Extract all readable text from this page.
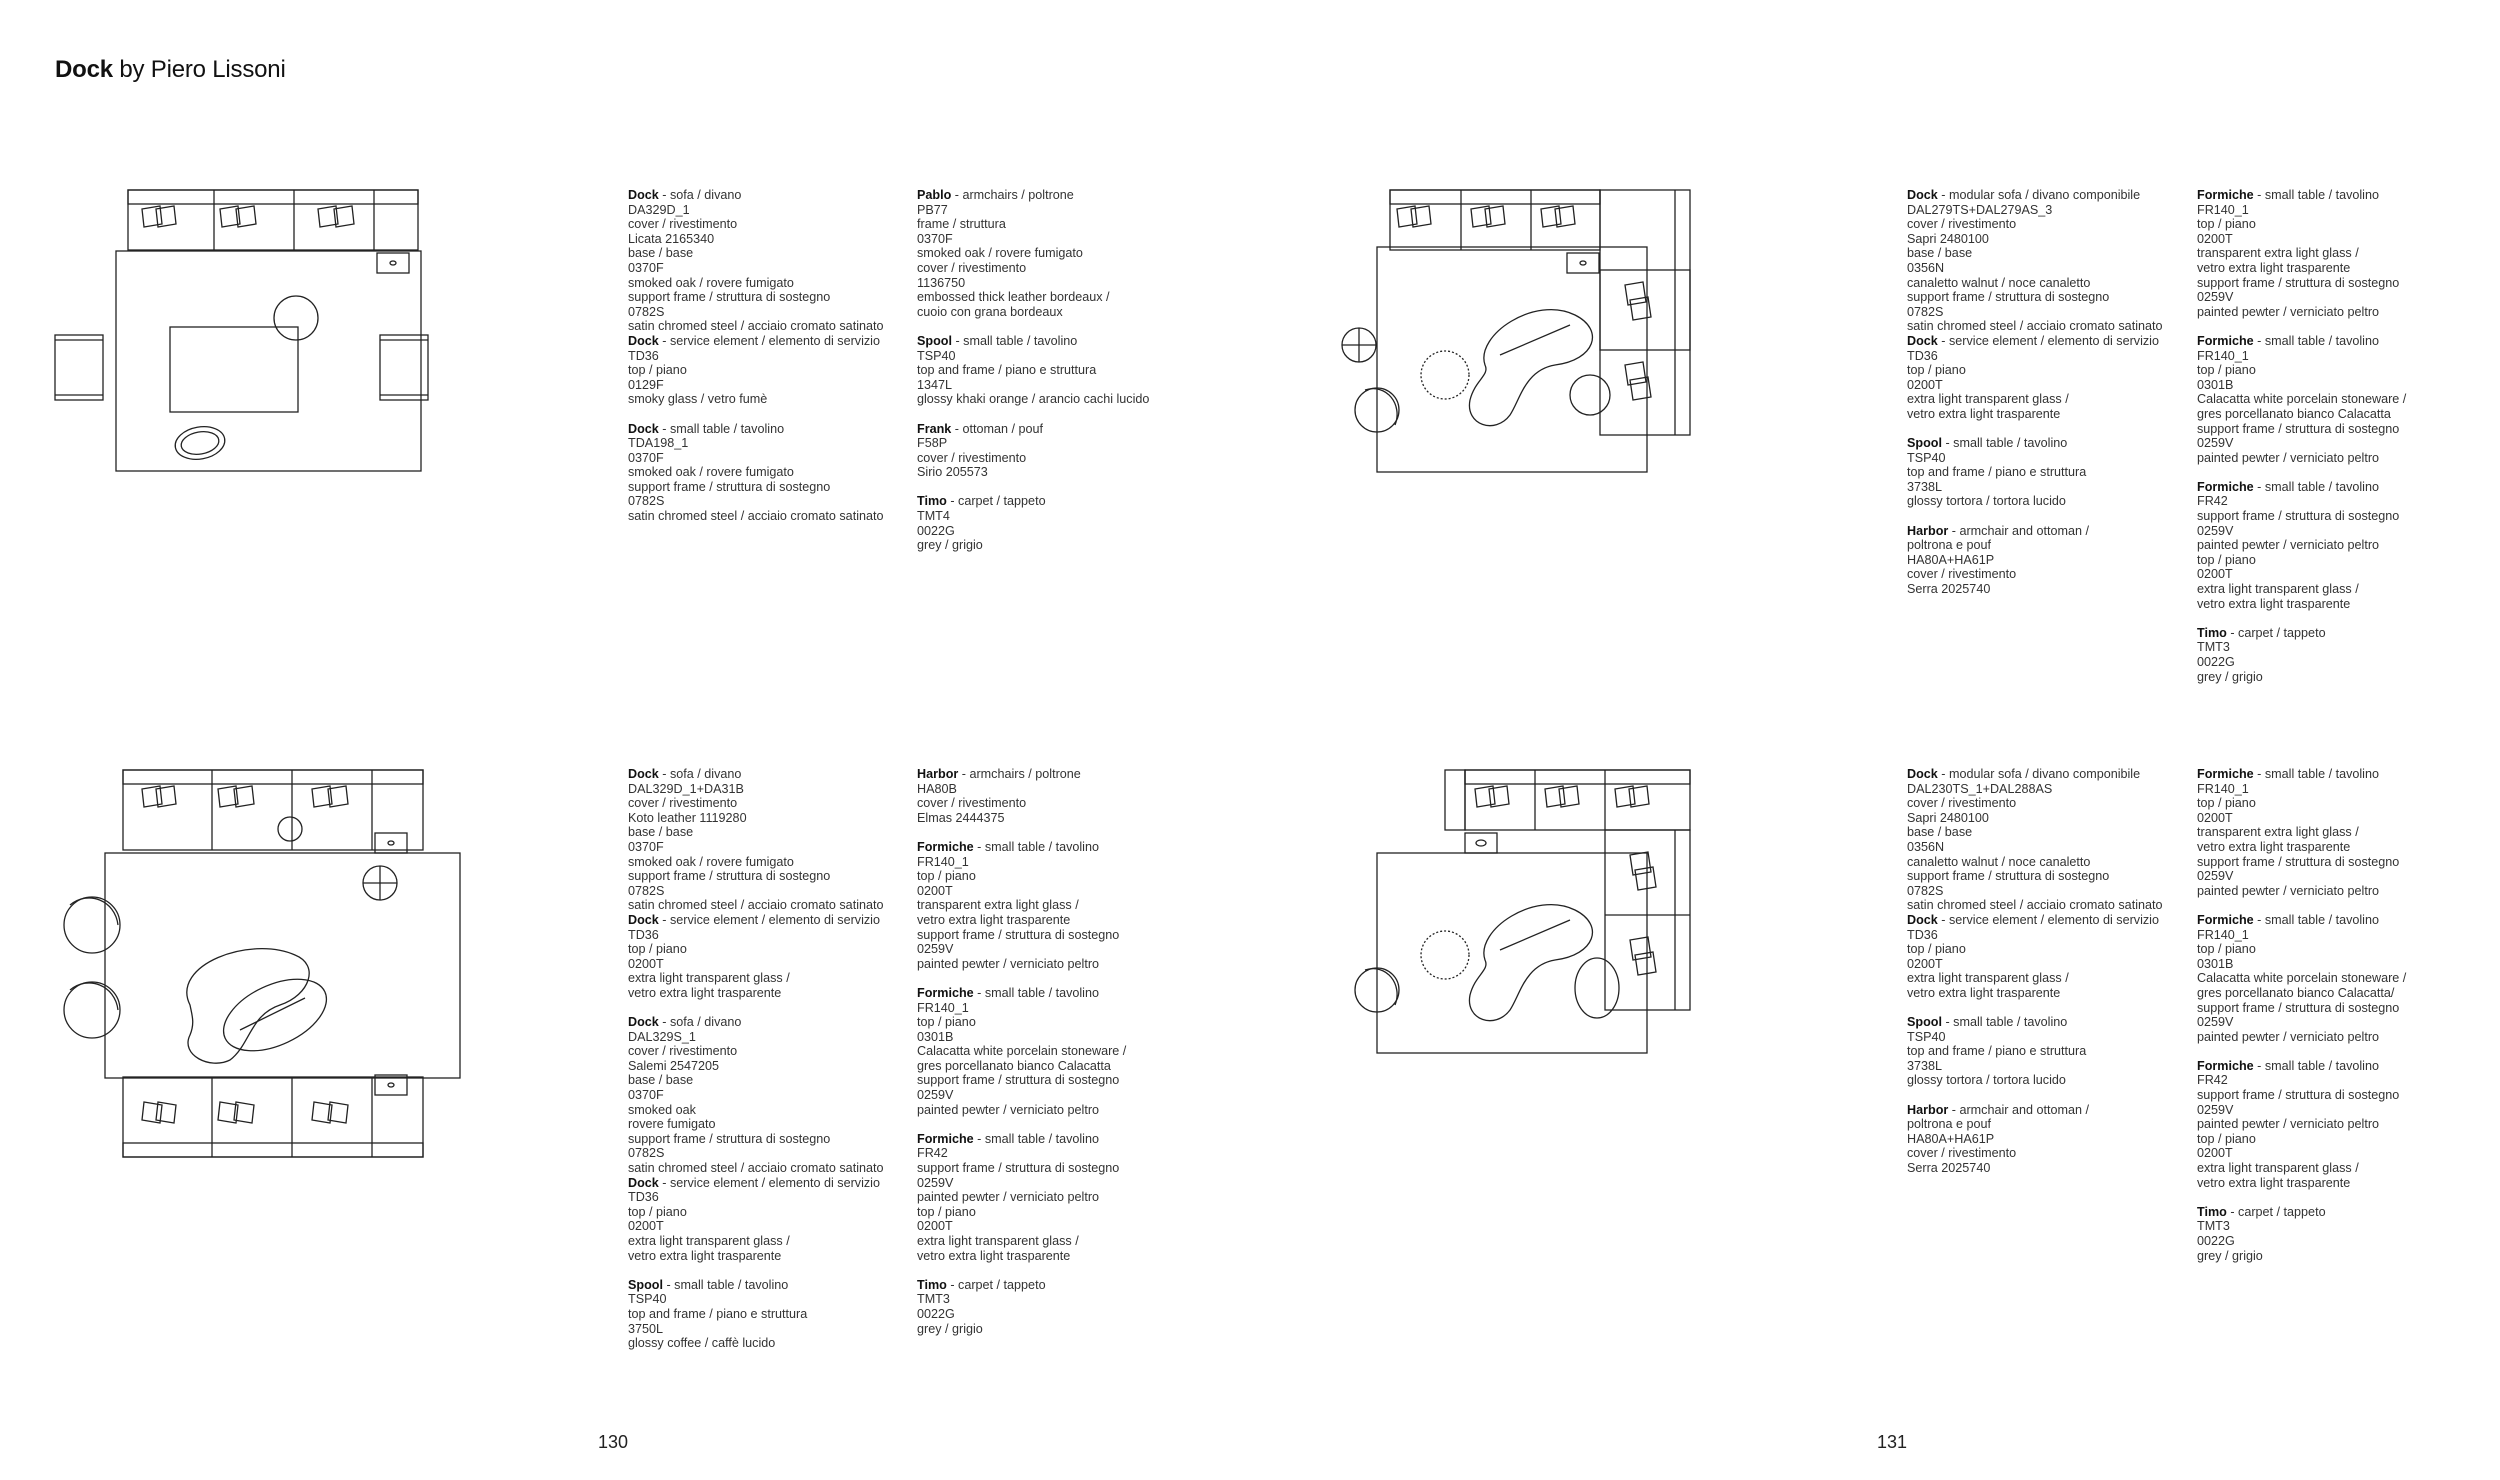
Dock by Piero Lissoni
Dock - sofa / divano
DA329D_1
cover / rivestimento
Licata 2165340
base / base
0370F
smoked oak / rovere fumigato
support frame / struttura di sostegno
0782S
satin chromed steel / acciaio cromato satinato
Dock - service element / elemento di servizio
TD36
top / piano
0129F
smoky glass / vetro fumè
Dock - small table / tavolino
TDA198_1
0370F
smoked oak / rovere fumigato
support frame / struttura di sostegno
0782S
satin chromed steel / acciaio cromato satinato
Pablo - armchairs / poltrone
PB77
frame / struttura
0370F
smoked oak / rovere fumigato
cover / rivestimento
1136750
embossed thick leather bordeaux /
cuoio con grana bordeaux
Spool - small table / tavolino
TSP40
top and frame / piano e struttura
1347L
glossy khaki orange / arancio cachi lucido
Frank - ottoman / pouf
F58P
cover / rivestimento
Sirio 205573
Timo - carpet / tappeto
TMT4
0022G
grey / grigio
Dock - modular sofa / divano componibile
DAL279TS+DAL279AS_3
cover / rivestimento
Sapri 2480100
base / base
0356N
canaletto walnut / noce canaletto
support frame / struttura di sostegno
0782S
satin chromed steel / acciaio cromato satinato
Dock - service element / elemento di servizio
TD36
top / piano
0200T
extra light transparent glass /
vetro extra light trasparente
Spool - small table / tavolino
TSP40
top and frame / piano e struttura
3738L
glossy tortora / tortora lucido
Harbor - armchair and ottoman /
poltrona e pouf
HA80A+HA61P
cover / rivestimento
Serra 2025740
Formiche - small table / tavolino
FR140_1
top / piano
0200T
transparent extra light glass /
vetro extra light trasparente
support frame / struttura di sostegno
0259V
painted pewter / verniciato peltro
Formiche - small table / tavolino
FR140_1
top / piano
0301B
Calacatta white porcelain stoneware /
gres porcellanato bianco Calacatta
support frame / struttura di sostegno
0259V
painted pewter / verniciato peltro
Formiche - small table / tavolino
FR42
support frame / struttura di sostegno
0259V
painted pewter / verniciato peltro
top / piano
0200T
extra light transparent glass /
vetro extra light trasparente
Timo - carpet / tappeto
TMT3
0022G
grey / grigio
Dock - sofa / divano
DAL329D_1+DA31B
cover / rivestimento
Koto leather 1119280
base / base
0370F
smoked oak / rovere fumigato
support frame / struttura di sostegno
0782S
satin chromed steel / acciaio cromato satinato
Dock - service element / elemento di servizio
TD36
top / piano
0200T
extra light transparent glass /
vetro extra light trasparente
Dock - sofa / divano
DAL329S_1
cover / rivestimento
Salemi 2547205
base / base
0370F
smoked oak
rovere fumigato
support frame / struttura di sostegno
0782S
satin chromed steel / acciaio cromato satinato
Dock - service element / elemento di servizio
TD36
top / piano
0200T
extra light transparent glass /
vetro extra light trasparente
Spool - small table / tavolino
TSP40
top and frame / piano e struttura
3750L
glossy coffee / caffè lucido
Harbor - armchairs / poltrone
HA80B
cover / rivestimento
Elmas 2444375
Formiche - small table / tavolino
FR140_1
top / piano
0200T
transparent extra light glass /
vetro extra light trasparente
support frame / struttura di sostegno
0259V
painted pewter / verniciato peltro
Formiche - small table / tavolino
FR140_1
top / piano
0301B
Calacatta white porcelain stoneware /
gres porcellanato bianco Calacatta
support frame / struttura di sostegno
0259V
painted pewter / verniciato peltro
Formiche - small table / tavolino
FR42
support frame / struttura di sostegno
0259V
painted pewter / verniciato peltro
top / piano
0200T
extra light transparent glass /
vetro extra light trasparente
Timo - carpet / tappeto
TMT3
0022G
grey / grigio
Dock - modular sofa / divano componibile
DAL230TS_1+DAL288AS
cover / rivestimento
Sapri 2480100
base / base
0356N
canaletto walnut / noce canaletto
support frame / struttura di sostegno
0782S
satin chromed steel / acciaio cromato satinato
Dock - service element / elemento di servizio
TD36
top / piano
0200T
extra light transparent glass /
vetro extra light trasparente
Spool - small table / tavolino
TSP40
top and frame / piano e struttura
3738L
glossy tortora / tortora lucido
Harbor - armchair and ottoman /
poltrona e pouf
HA80A+HA61P
cover / rivestimento
Serra 2025740
Formiche - small table / tavolino
FR140_1
top / piano
0200T
transparent extra light glass /
vetro extra light trasparente
support frame / struttura di sostegno
0259V
painted pewter / verniciato peltro
Formiche - small table / tavolino
FR140_1
top / piano
0301B
Calacatta white porcelain stoneware /
gres porcellanato bianco Calacatta/
support frame / struttura di sostegno
0259V
painted pewter / verniciato peltro
Formiche - small table / tavolino
FR42
support frame / struttura di sostegno
0259V
painted pewter / verniciato peltro
top / piano
0200T
extra light transparent glass /
vetro extra light trasparente
Timo - carpet / tappeto
TMT3
0022G
grey / grigio
130	131
